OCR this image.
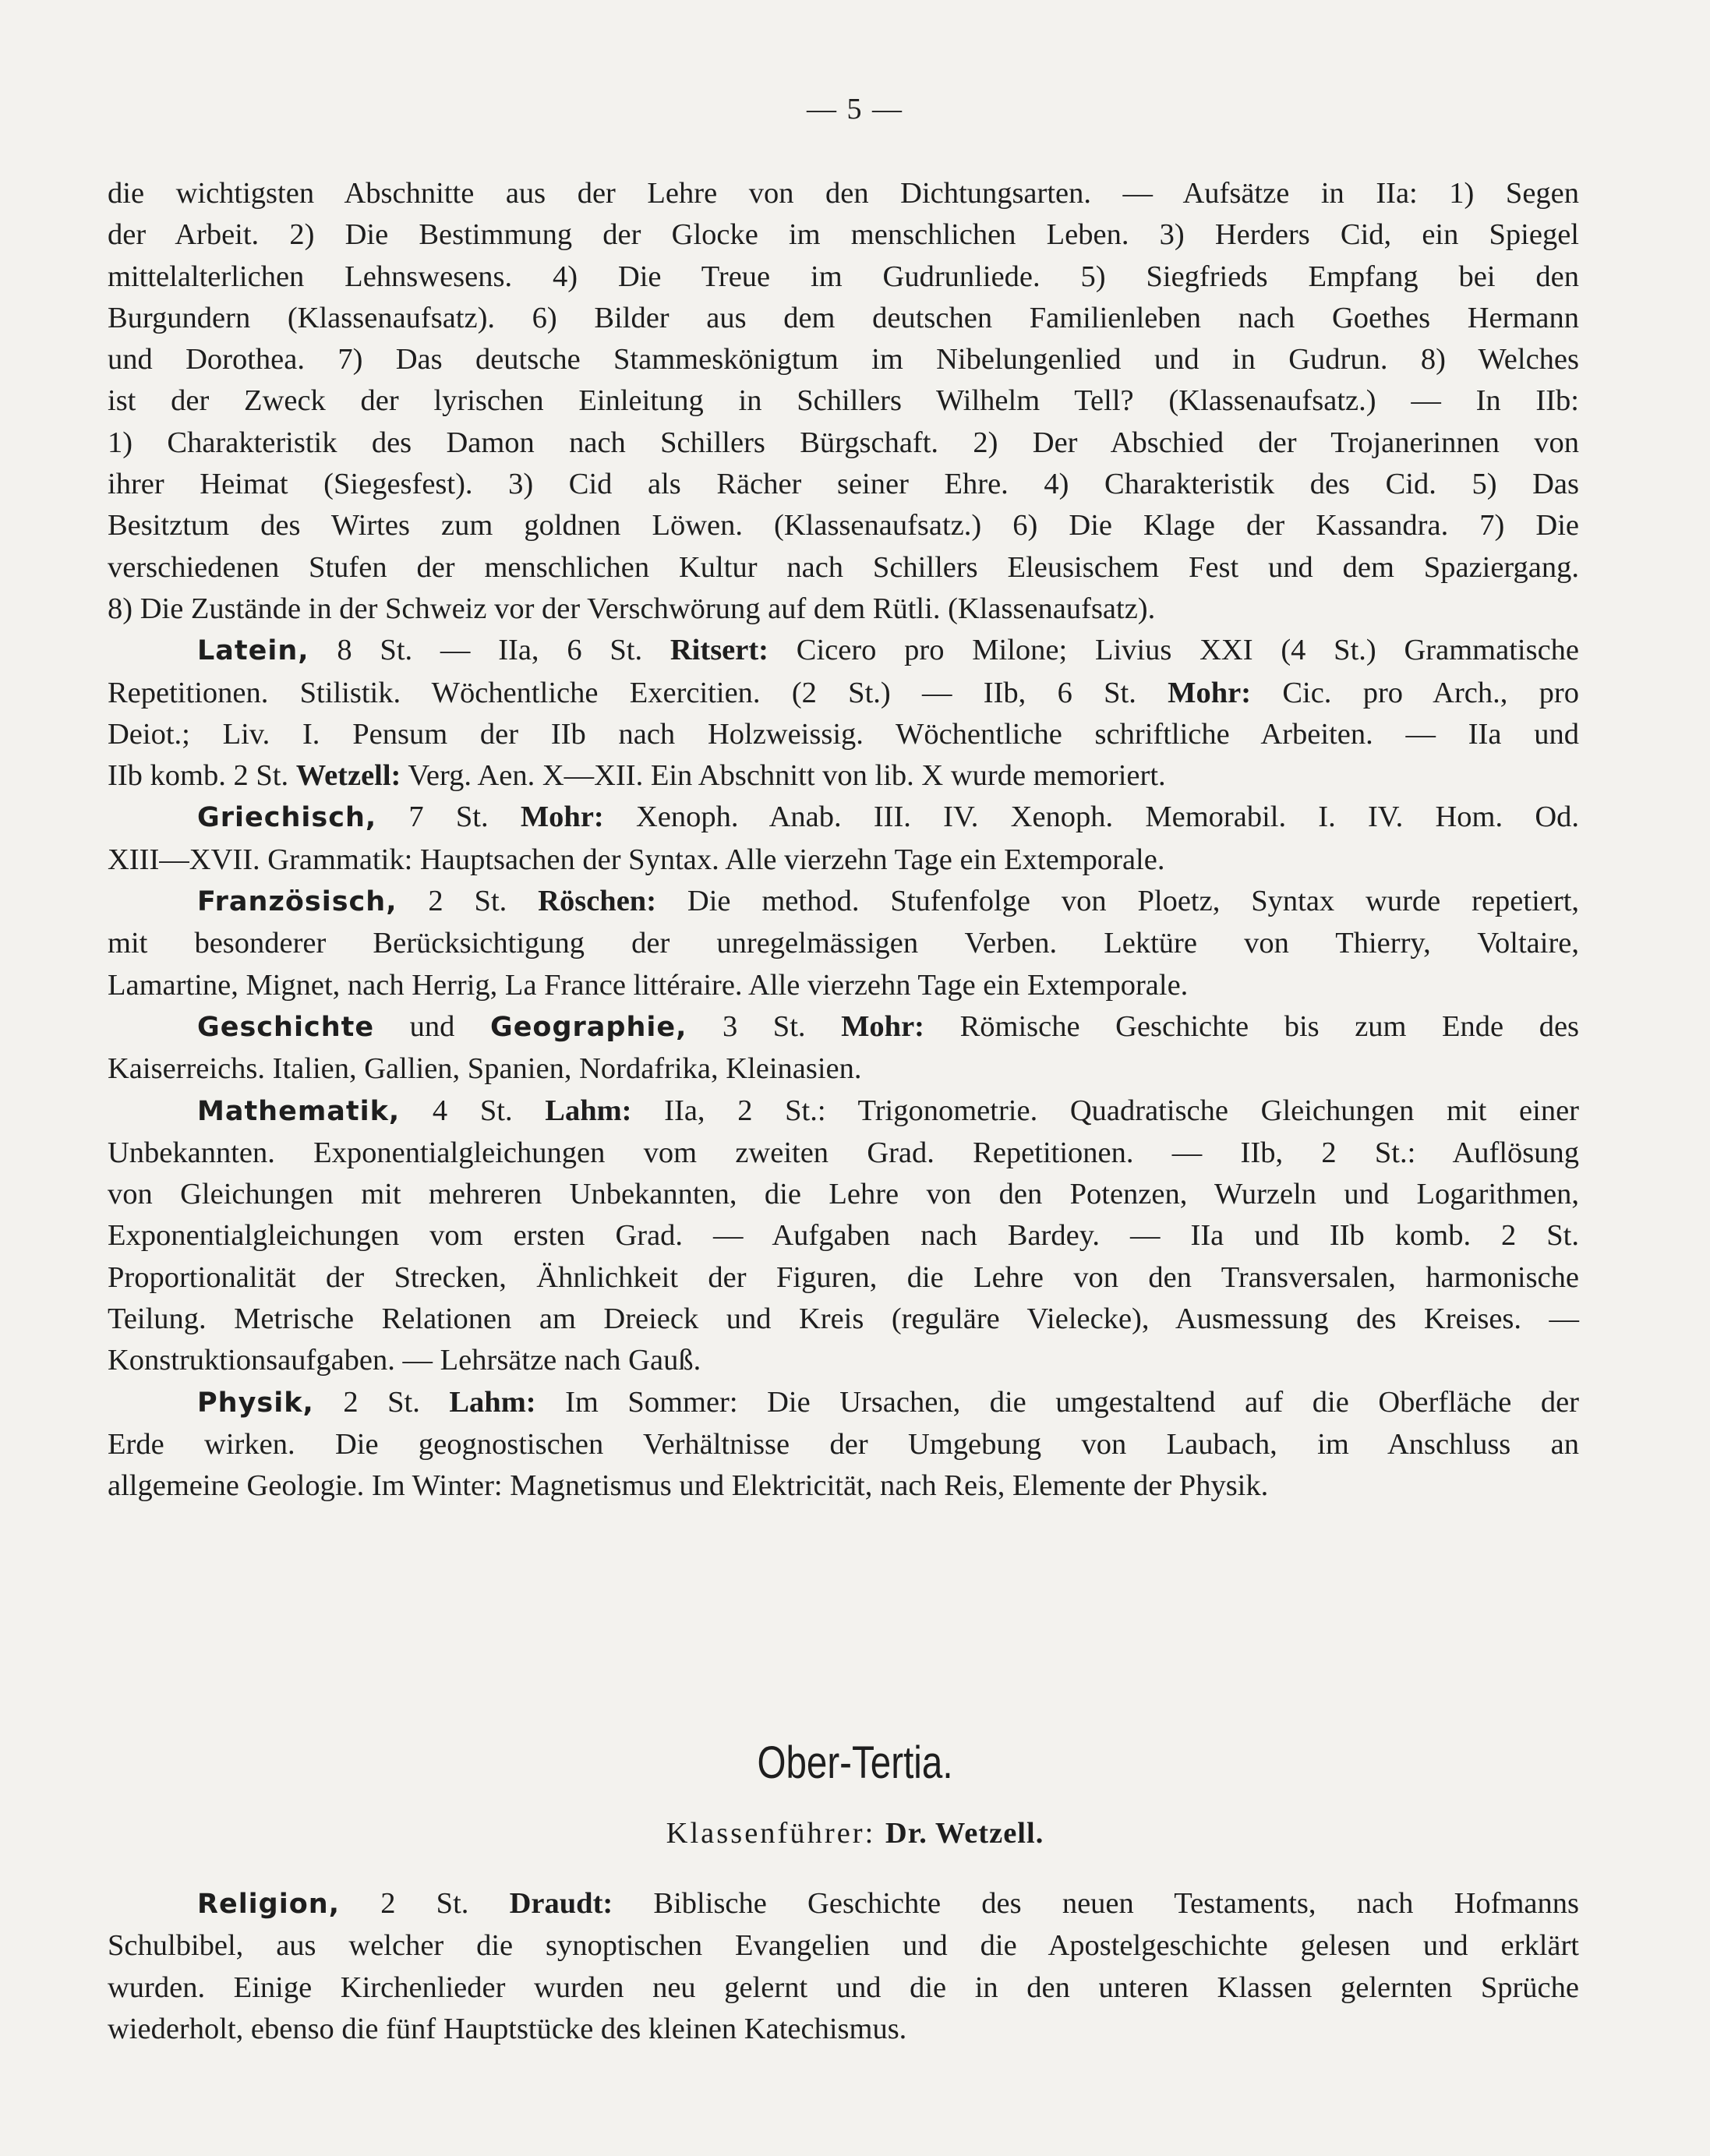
— 5 —
die wichtigsten Abschnitte aus der Lehre von den Dichtungsarten. — Aufsätze in IIa: 1) Segen
der Arbeit. 2) Die Bestimmung der Glocke im menschlichen Leben. 3) Herders Cid, ein Spiegel
mittelalterlichen Lehnswesens. 4) Die Treue im Gudrunliede. 5) Siegfrieds Empfang bei den
Burgundern (Klassenaufsatz). 6) Bilder aus dem deutschen Familienleben nach Goethes Hermann
und Dorothea. 7) Das deutsche Stammeskönigtum im Nibelungenlied und in Gudrun. 8) Welches
ist der Zweck der lyrischen Einleitung in Schillers Wilhelm Tell? (Klassenaufsatz.) — In IIb:
1) Charakteristik des Damon nach Schillers Bürgschaft. 2) Der Abschied der Trojanerinnen von
ihrer Heimat (Siegesfest). 3) Cid als Rächer seiner Ehre. 4) Charakteristik des Cid. 5) Das
Besitztum des Wirtes zum goldnen Löwen. (Klassenaufsatz.) 6) Die Klage der Kassandra. 7) Die
verschiedenen Stufen der menschlichen Kultur nach Schillers Eleusischem Fest und dem Spaziergang.
8) Die Zustände in der Schweiz vor der Verschwörung auf dem Rütli. (Klassenaufsatz).
Latein, 8 St. — IIa, 6 St. Ritsert: Cicero pro Milone; Livius XXI (4 St.) Grammatische
Repetitionen. Stilistik. Wöchentliche Exercitien. (2 St.) — IIb, 6 St. Mohr: Cic. pro Arch., pro
Deiot.; Liv. I. Pensum der IIb nach Holzweissig. Wöchentliche schriftliche Arbeiten. — IIa und
IIb komb. 2 St. Wetzell: Verg. Aen. X—XII. Ein Abschnitt von lib. X wurde memoriert.
Griechisch, 7 St. Mohr: Xenoph. Anab. III. IV. Xenoph. Memorabil. I. IV. Hom. Od.
XIII—XVII. Grammatik: Hauptsachen der Syntax. Alle vierzehn Tage ein Extemporale.
Französisch, 2 St. Röschen: Die method. Stufenfolge von Ploetz, Syntax wurde repetiert,
mit besonderer Berücksichtigung der unregelmässigen Verben. Lektüre von Thierry, Voltaire,
Lamartine, Mignet, nach Herrig, La France littéraire. Alle vierzehn Tage ein Extemporale.
Geschichte und Geographie, 3 St. Mohr: Römische Geschichte bis zum Ende des
Kaiserreichs. Italien, Gallien, Spanien, Nordafrika, Kleinasien.
Mathematik, 4 St. Lahm: IIa, 2 St.: Trigonometrie. Quadratische Gleichungen mit einer
Unbekannten. Exponentialgleichungen vom zweiten Grad. Repetitionen. — IIb, 2 St.: Auflösung
von Gleichungen mit mehreren Unbekannten, die Lehre von den Potenzen, Wurzeln und Logarithmen,
Exponentialgleichungen vom ersten Grad. — Aufgaben nach Bardey. — IIa und IIb komb. 2 St.
Proportionalität der Strecken, Ähnlichkeit der Figuren, die Lehre von den Transversalen, harmonische
Teilung. Metrische Relationen am Dreieck und Kreis (reguläre Vielecke), Ausmessung des Kreises. —
Konstruktionsaufgaben. — Lehrsätze nach Gauß.
Physik, 2 St. Lahm: Im Sommer: Die Ursachen, die umgestaltend auf die Oberfläche der
Erde wirken. Die geognostischen Verhältnisse der Umgebung von Laubach, im Anschluss an
allgemeine Geologie. Im Winter: Magnetismus und Elektricität, nach Reis, Elemente der Physik.
Ober-Tertia.
Klassenführer: Dr. Wetzell.
Religion, 2 St. Draudt: Biblische Geschichte des neuen Testaments, nach Hofmanns
Schulbibel, aus welcher die synoptischen Evangelien und die Apostelgeschichte gelesen und erklärt
wurden. Einige Kirchenlieder wurden neu gelernt und die in den unteren Klassen gelernten Sprüche
wiederholt, ebenso die fünf Hauptstücke des kleinen Katechismus.
